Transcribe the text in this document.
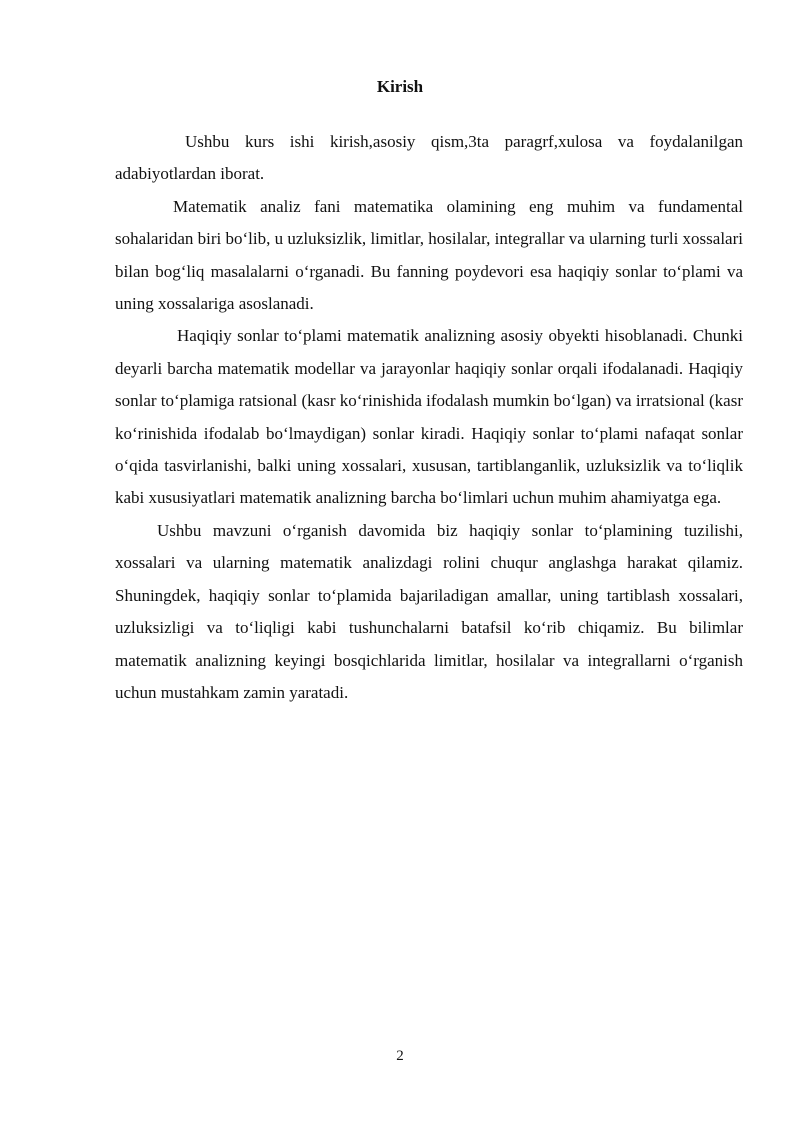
Kirish

Ushbu kurs ishi kirish,asosiy qism,3ta paragrf,xulosa va foydalanilgan adabiyotlardan iborat.

Matematik analiz fani matematika olamining eng muhim va fundamental sohalaridan biri bo‘lib, u uzluksizlik, limitlar, hosilalar, integrallar va ularning turli xossalari bilan bog‘liq masalalarni o‘rganadi. Bu fanning poydevori esa haqiqiy sonlar to‘plami va uning xossalariga asoslanadi.

Haqiqiy sonlar to‘plami matematik analizning asosiy obyekti hisoblanadi. Chunki deyarli barcha matematik modellar va jarayonlar haqiqiy sonlar orqali ifodalanadi. Haqiqiy sonlar to‘plamiga ratsional (kasr ko‘rinishida ifodalash mumkin bo‘lgan) va irratsional (kasr ko‘rinishida ifodalab bo‘lmaydigan) sonlar kiradi. Haqiqiy sonlar to‘plami nafaqat sonlar o‘qida tasvirlanishi, balki uning xossalari, xususan, tartiblanganlik, uzluksizlik va to‘liqlik kabi xususiyatlari matematik analizning barcha bo‘limlari uchun muhim ahamiyatga ega.

Ushbu mavzuni o‘rganish davomida biz haqiqiy sonlar to‘plamining tuzilishi, xossalari va ularning matematik analizdagi rolini chuqur anglashga harakat qilamiz. Shuningdek, haqiqiy sonlar to‘plamida bajariladigan amallar, uning tartiblash xossalari, uzluksizligi va to‘liqligi kabi tushunchalarni batafsil ko‘rib chiqamiz. Bu bilimlar matematik analizning keyingi bosqichlarida limitlar, hosilalar va integrallarni o‘rganish uchun mustahkam zamin yaratadi.

2
